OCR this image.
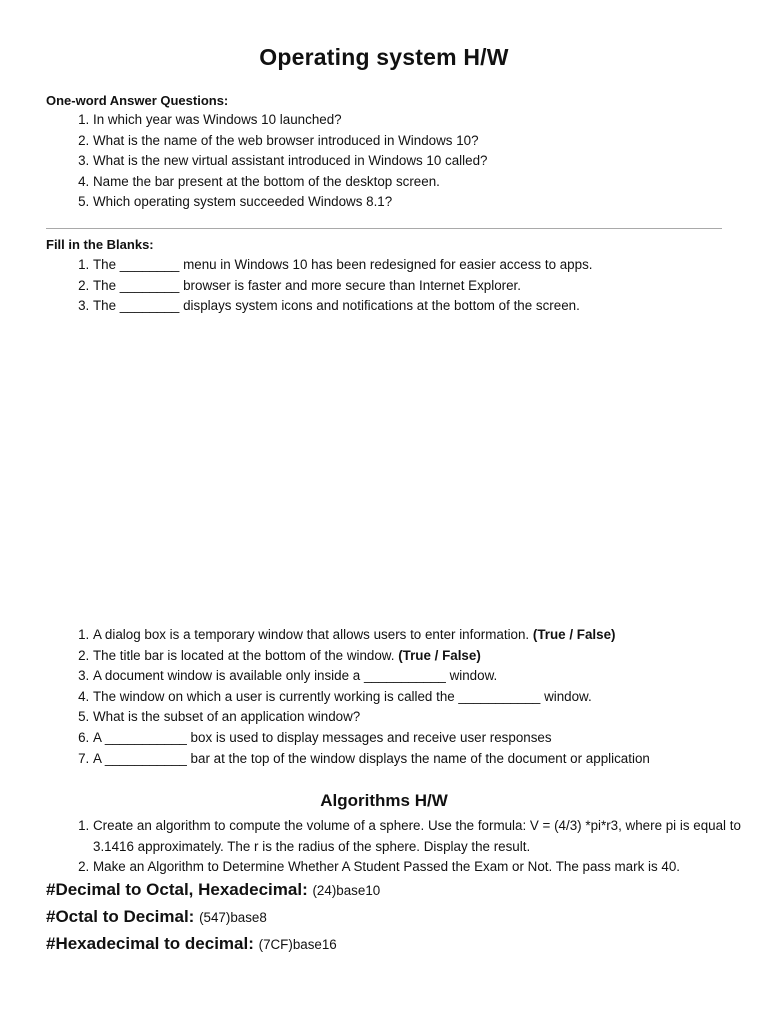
Operating system H/W
One-word Answer Questions:
1. In which year was Windows 10 launched?
2. What is the name of the web browser introduced in Windows 10?
3. What is the new virtual assistant introduced in Windows 10 called?
4. Name the bar present at the bottom of the desktop screen.
5. Which operating system succeeded Windows 8.1?
Fill in the Blanks:
1. The ________ menu in Windows 10 has been redesigned for easier access to apps.
2. The ________ browser is faster and more secure than Internet Explorer.
3. The ________ displays system icons and notifications at the bottom of the screen.
1. A dialog box is a temporary window that allows users to enter information. (True / False)
2. The title bar is located at the bottom of the window. (True / False)
3. A document window is available only inside a ___________ window.
4. The window on which a user is currently working is called the ___________ window.
5. What is the subset of an application window?
6. A ___________ box is used to display messages and receive user responses
7. A ___________ bar at the top of the window displays the name of the document or application
Algorithms H/W
1. Create an algorithm to compute the volume of a sphere. Use the formula: V = (4/3) *pi*r3, where pi is equal to 3.1416 approximately. The r is the radius of the sphere. Display the result.
2. Make an Algorithm to Determine Whether A Student Passed the Exam or Not. The pass mark is 40.
#Decimal to Octal, Hexadecimal: (24)base10
#Octal to Decimal: (547)base8
#Hexadecimal to decimal: (7CF)base16
